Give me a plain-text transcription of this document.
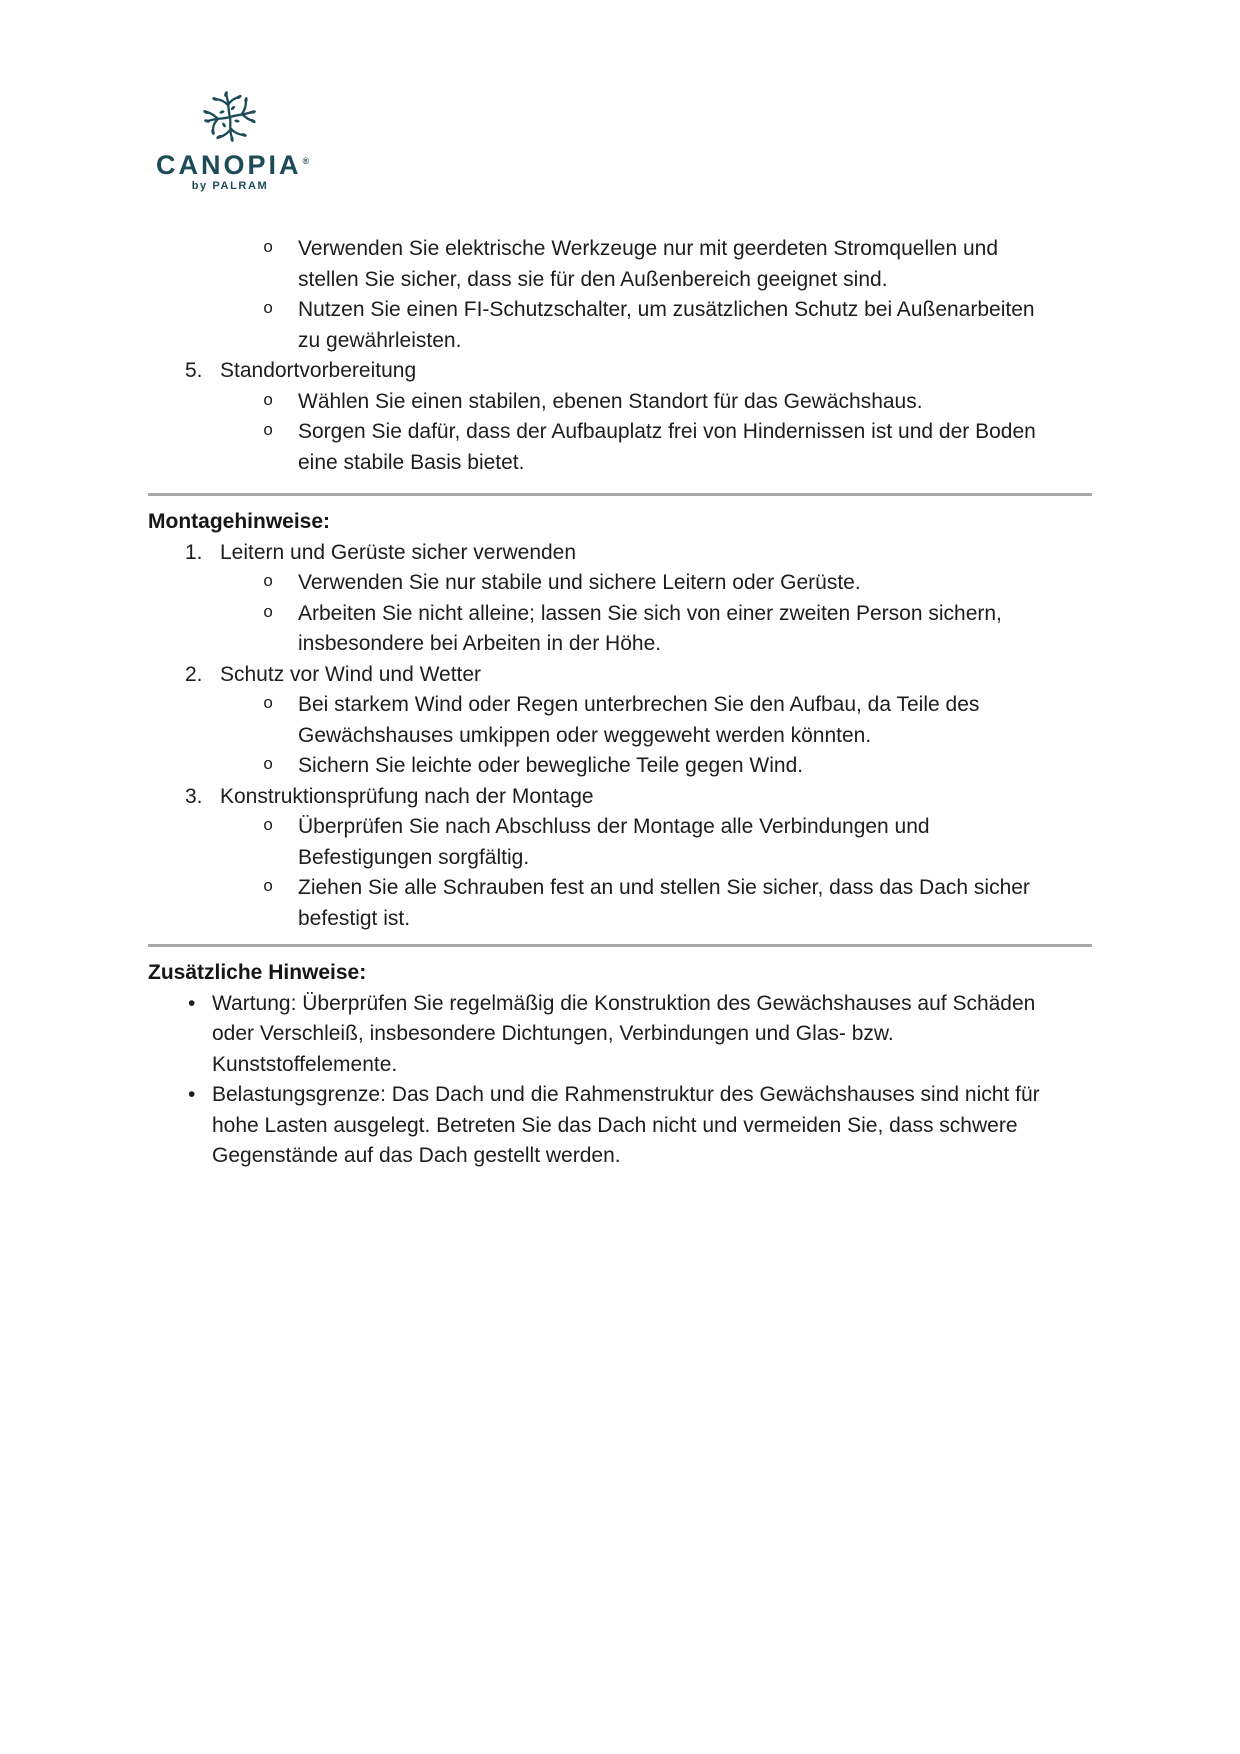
CANOPIA®
by PALRAM
o Verwenden Sie elektrische Werkzeuge nur mit geerdeten Stromquellen und
stellen Sie sicher, dass sie für den Außenbereich geeignet sind.
o Nutzen Sie einen FI-Schutzschalter, um zusätzlichen Schutz bei Außenarbeiten
zu gewährleisten.
5. Standortvorbereitung
o Wählen Sie einen stabilen, ebenen Standort für das Gewächshaus.
o Sorgen Sie dafür, dass der Aufbauplatz frei von Hindernissen ist und der Boden
eine stabile Basis bietet.
Montagehinweise:
1. Leitern und Gerüste sicher verwenden
o Verwenden Sie nur stabile und sichere Leitern oder Gerüste.
o Arbeiten Sie nicht alleine; lassen Sie sich von einer zweiten Person sichern,
insbesondere bei Arbeiten in der Höhe.
2. Schutz vor Wind und Wetter
o Bei starkem Wind oder Regen unterbrechen Sie den Aufbau, da Teile des
Gewächshauses umkippen oder weggeweht werden könnten.
o Sichern Sie leichte oder bewegliche Teile gegen Wind.
3. Konstruktionsprüfung nach der Montage
o Überprüfen Sie nach Abschluss der Montage alle Verbindungen und
Befestigungen sorgfältig.
o Ziehen Sie alle Schrauben fest an und stellen Sie sicher, dass das Dach sicher
befestigt ist.
Zusätzliche Hinweise:
• Wartung: Überprüfen Sie regelmäßig die Konstruktion des Gewächshauses auf Schäden
oder Verschleiß, insbesondere Dichtungen, Verbindungen und Glas- bzw.
Kunststoffelemente.
• Belastungsgrenze: Das Dach und die Rahmenstruktur des Gewächshauses sind nicht für
hohe Lasten ausgelegt. Betreten Sie das Dach nicht und vermeiden Sie, dass schwere
Gegenstände auf das Dach gestellt werden.
